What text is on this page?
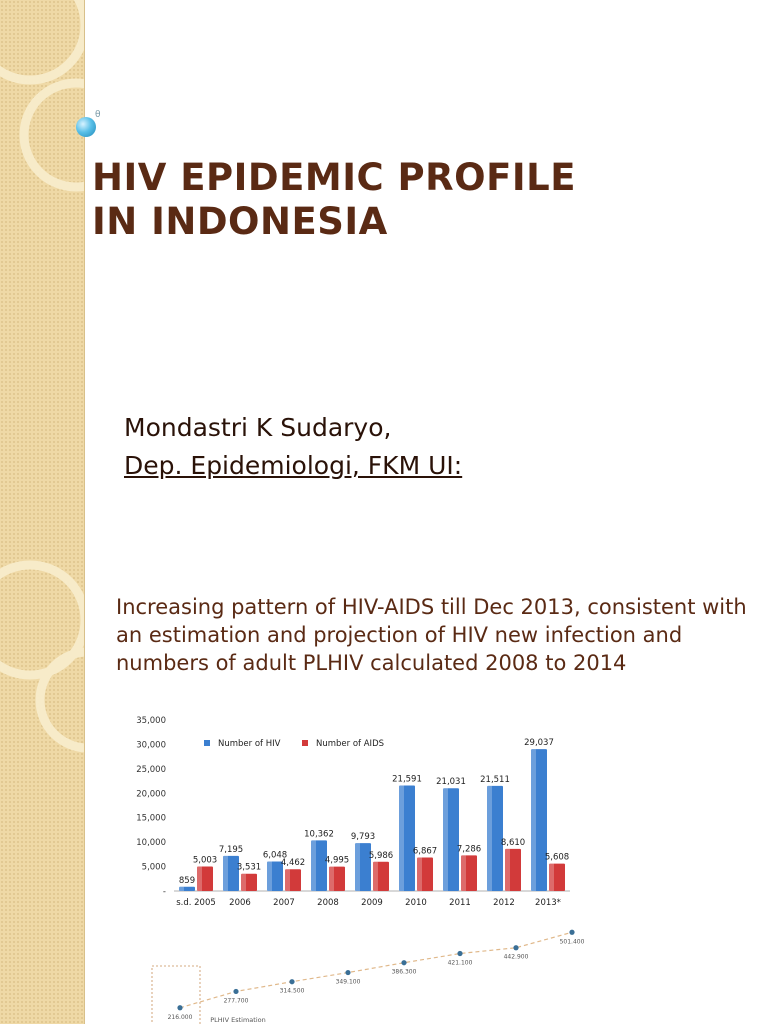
θ
HIV EPIDEMIC PROFILE
IN INDONESIA
Mondastri K Sudaryo,
Dep. Epidemiologi, FKM UI:

Increasing pattern of HIV-AIDS till Dec 2013, consistent with an estimation and projection of HIV new infection and numbers of adult PLHIV calculated 2008 to 2014

-
5,000
10,000
15,000
20,000
25,000
30,000
35,000
859
5,003
s.d. 2005
7,195
3,531
2006
6,048
4,462
2007
10,362
4,995
2008
9,793
5,986
2009
21,591
6,867
2010
21,031
7,286
2011
21,511
8,610
2012
29,037
5,608
2013*
Number of HIV	Number of AIDS
216.000
277.700
314.500
349.100
386.300
421.100
442.900
501.400
PLHIV Estimation
